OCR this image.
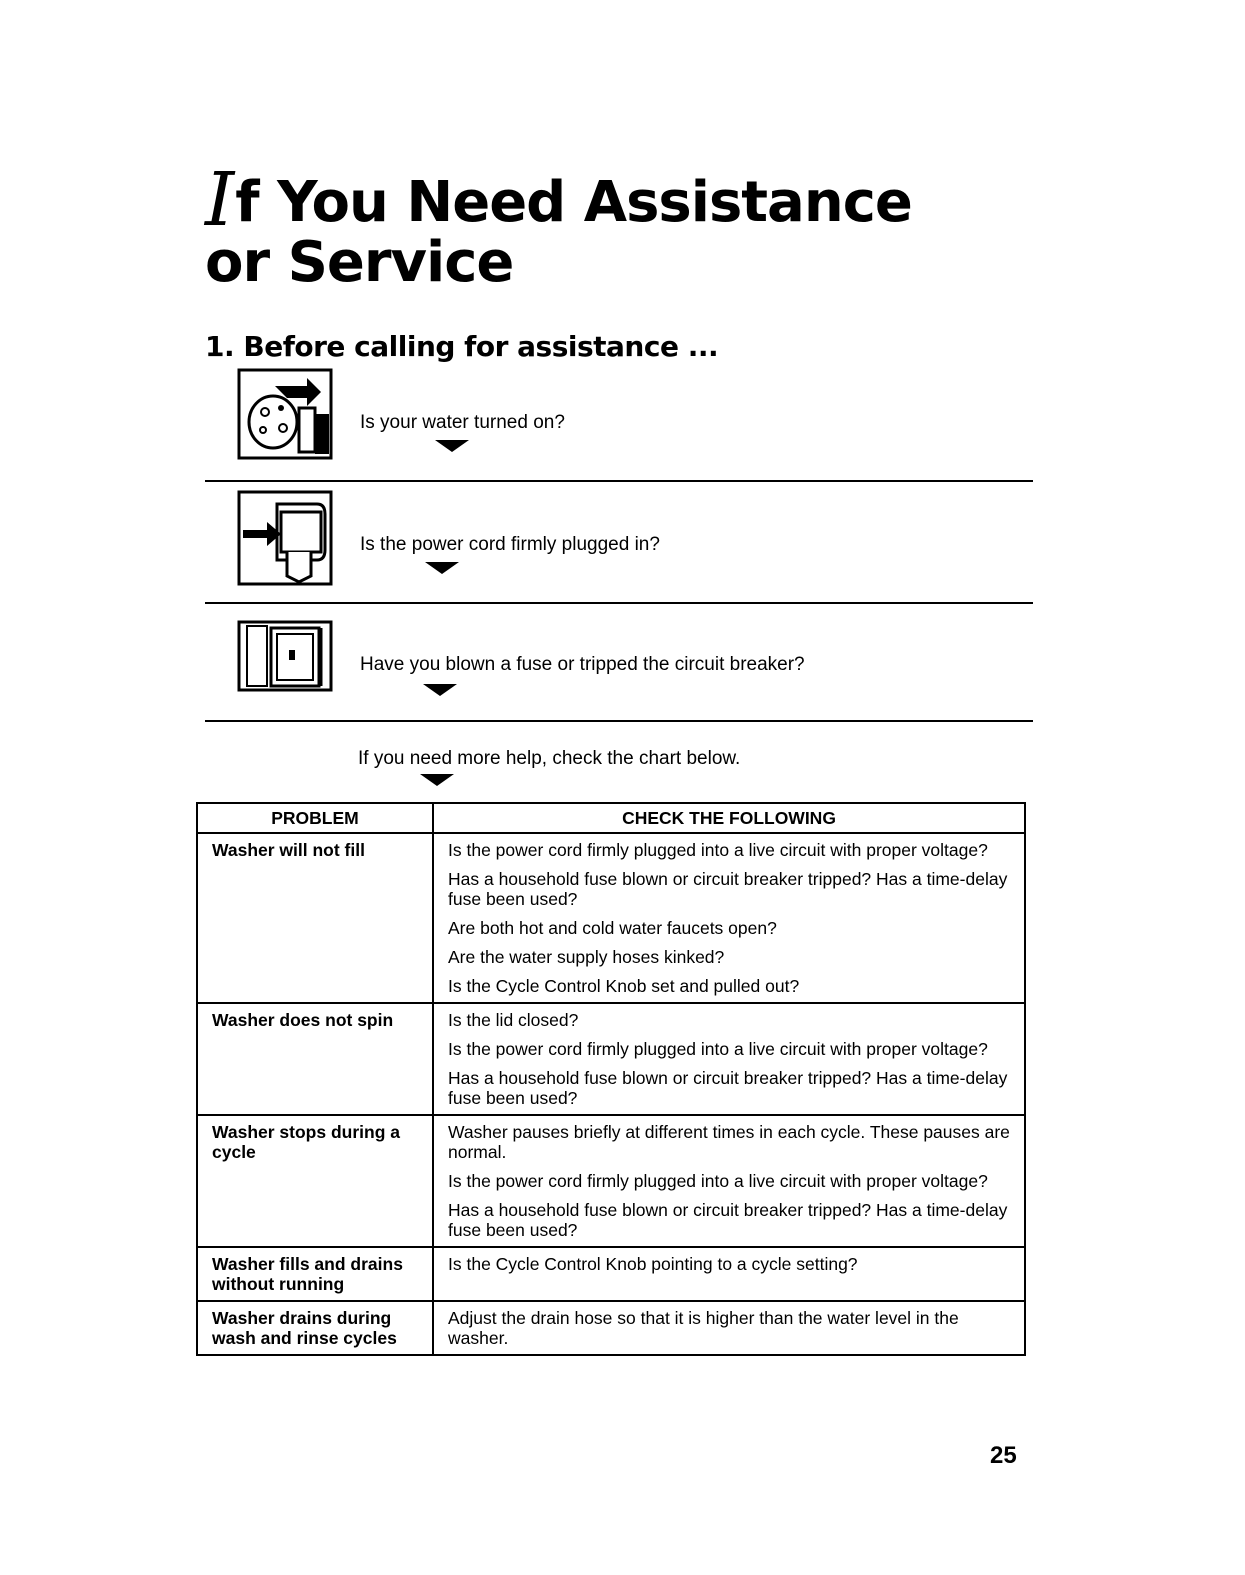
If You Need Assistance
or Service
1. Before calling for assistance ...
Is your water turned on?
Is the power cord firmly plugged in?
Have you blown a fuse or tripped the circuit breaker?
If you need more help, check the chart below.
PROBLEM	CHECK THE FOLLOWING
Washer will not fill	Is the power cord firmly plugged into a live circuit with proper voltage?

Has a household fuse blown or circuit breaker tripped? Has a time-delay fuse been used?

Are both hot and cold water faucets open?

Are the water supply hoses kinked?

Is the Cycle Control Knob set and pulled out?

Washer does not spin	Is the lid closed?

Is the power cord firmly plugged into a live circuit with proper voltage?

Has a household fuse blown or circuit breaker tripped? Has a time-delay fuse been used?

Washer stops during a cycle	Washer pauses briefly at different times in each cycle. These pauses are normal.

Is the power cord firmly plugged into a live circuit with proper voltage?

Has a household fuse blown or circuit breaker tripped? Has a time-delay fuse been used?

Washer fills and drains without running	Is the Cycle Control Knob pointing to a cycle setting?

Washer drains during wash and rinse cycles	Adjust the drain hose so that it is higher than the water level in the washer.

25
